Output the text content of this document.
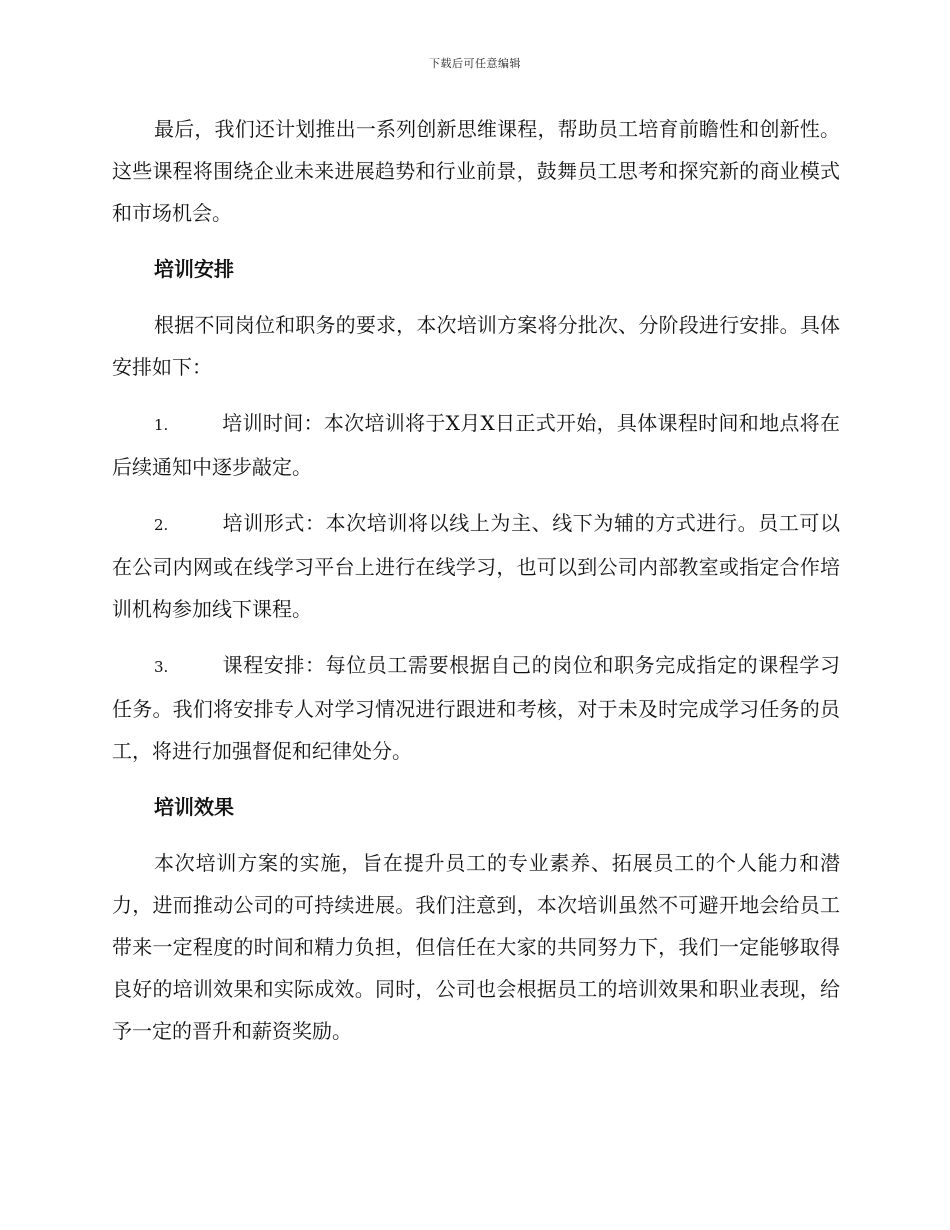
下载后可任意编辑

最后，我们还计划推出一系列创新思维课程，帮助员工培育前瞻性和创新性。这些课程将围绕企业未来进展趋势和行业前景，鼓舞员工思考和探究新的商业模式和市场机会。

培训安排

根据不同岗位和职务的要求，本次培训方案将分批次、分阶段进行安排。具体安排如下：

1.	培训时间：本次培训将于X月X日正式开始，具体课程时间和地点将在后续通知中逐步敲定。

2.	培训形式：本次培训将以线上为主、线下为辅的方式进行。员工可以在公司内网或在线学习平台上进行在线学习，也可以到公司内部教室或指定合作培训机构参加线下课程。

3.	课程安排：每位员工需要根据自己的岗位和职务完成指定的课程学习任务。我们将安排专人对学习情况进行跟进和考核，对于未及时完成学习任务的员工，将进行加强督促和纪律处分。

培训效果

本次培训方案的实施，旨在提升员工的专业素养、拓展员工的个人能力和潜力，进而推动公司的可持续进展。我们注意到，本次培训虽然不可避开地会给员工带来一定程度的时间和精力负担，但信任在大家的共同努力下，我们一定能够取得良好的培训效果和实际成效。同时，公司也会根据员工的培训效果和职业表现，给予一定的晋升和薪资奖励。
